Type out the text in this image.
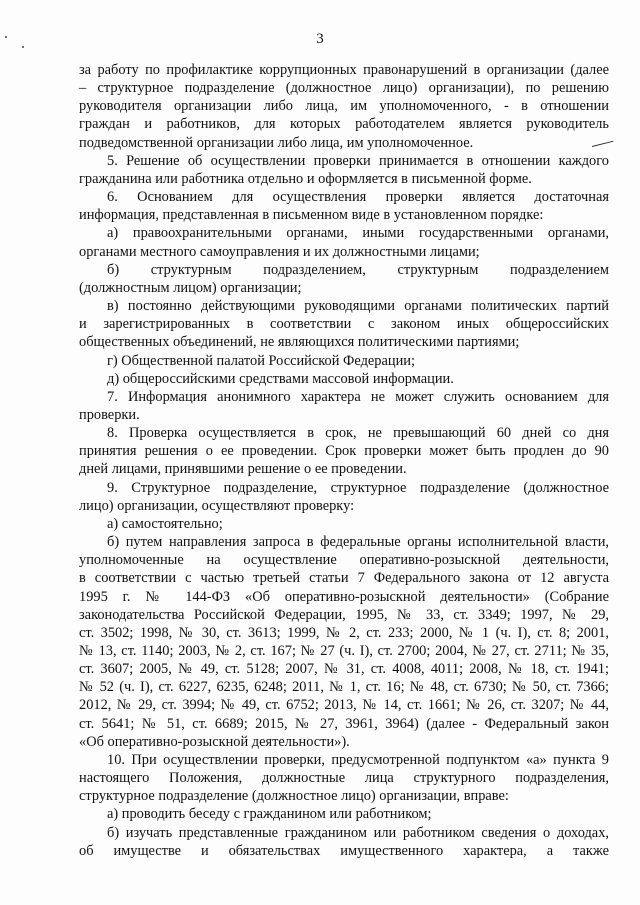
3

за работу по профилактике коррупционных правонарушений в организации (далее

– структурное подразделение (должностное лицо) организации), по решению

руководителя организации либо лица, им уполномоченного, - в отношении

граждан и работников, для которых работодателем является руководитель

подведомственной организации либо лица, им уполномоченное.

5. Решение об осуществлении проверки принимается в отношении каждого

гражданина или работника отдельно и оформляется в письменной форме.

6. Основанием для осуществления проверки является достаточная

информация, представленная в письменном виде в установленном порядке:

а) правоохранительными органами, иными государственными органами,

органами местного самоуправления и их должностными лицами;

б) структурным подразделением, структурным подразделением

(должностным лицом) организации;

в) постоянно действующими руководящими органами политических партий

и зарегистрированных в соответствии с законом иных общероссийских

общественных объединений, не являющихся политическими партиями;

г) Общественной палатой Российской Федерации;

д) общероссийскими средствами массовой информации.

7. Информация анонимного характера не может служить основанием для

проверки.

8. Проверка осуществляется в срок, не превышающий 60 дней со дня

принятия решения о ее проведении. Срок проверки может быть продлен до 90

дней лицами, принявшими решение о ее проведении.

9. Структурное подразделение, структурное подразделение (должностное

лицо) организации, осуществляют проверку:

а) самостоятельно;

б) путем направления запроса в федеральные органы исполнительной власти,

уполномоченные на осуществление оперативно-розыскной деятельности,

в соответствии с частью третьей статьи 7 Федерального закона от 12 августа

1995 г. № 144-ФЗ «Об оперативно-розыскной деятельности» (Собрание

законодательства Российской Федерации, 1995, № 33, ст. 3349; 1997, № 29,

ст. 3502; 1998, № 30, ст. 3613; 1999, № 2, ст. 233; 2000, № 1 (ч. I), ст. 8; 2001,

№ 13, ст. 1140; 2003, № 2, ст. 167; № 27 (ч. I), ст. 2700; 2004, № 27, ст. 2711; № 35,

ст. 3607; 2005, № 49, ст. 5128; 2007, № 31, ст. 4008, 4011; 2008, № 18, ст. 1941;

№ 52 (ч. I), ст. 6227, 6235, 6248; 2011, № 1, ст. 16; № 48, ст. 6730; № 50, ст. 7366;

2012, № 29, ст. 3994; № 49, ст. 6752; 2013, № 14, ст. 1661; № 26, ст. 3207; № 44,

ст. 5641; № 51, ст. 6689; 2015, № 27, 3961, 3964) (далее - Федеральный закон

«Об оперативно-розыскной деятельности»).

10. При осуществлении проверки, предусмотренной подпунктом «а» пункта 9

настоящего Положения, должностные лица структурного подразделения,

структурное подразделение (должностное лицо) организации, вправе:

а) проводить беседу с гражданином или работником;

б) изучать представленные гражданином или работником сведения о доходах,

об имуществе и обязательствах имущественного характера, а также
